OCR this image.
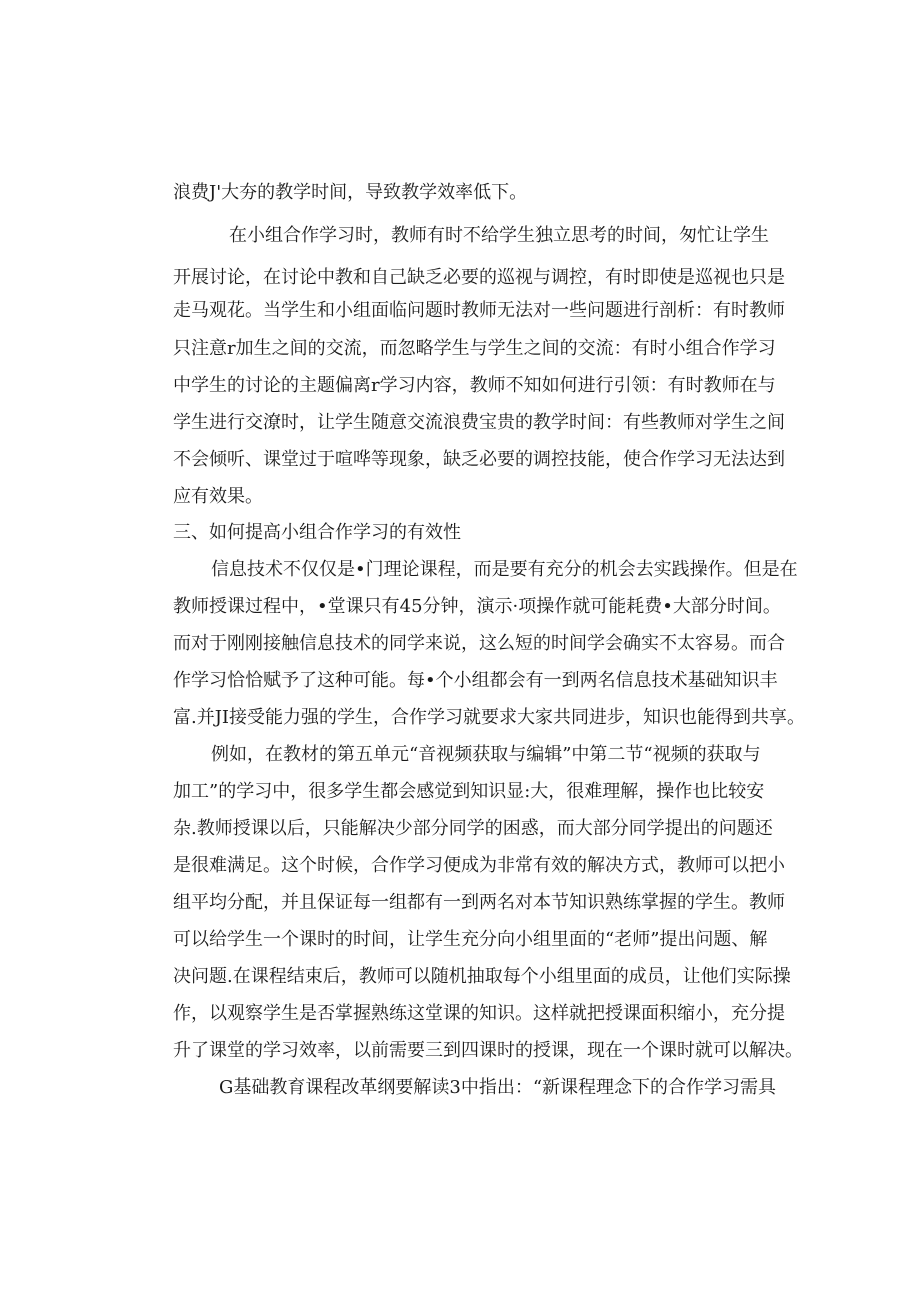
浪费J'大夯的教学时间，导致教学效率低下。
在小组合作学习时，教师有时不给学生独立思考的时间，匆忙让学生
开展讨论，在讨论中教和自己缺乏必要的巡视与调控，有时即使是巡视也只是
走马观花。当学生和小组面临问题时教师无法对一些问题进行剖析：有时教师
只注意r加生之间的交流，而忽略学生与学生之间的交流：有时小组合作学习
中学生的讨论的主题偏离r学习内容，教师不知如何进行引领：有时教师在与
学生进行交潦时，让学生随意交流浪费宝贵的教学时间：有些教师对学生之间
不会倾听、课堂过于喧哗等现象，缺乏必要的调控技能，使合作学习无法达到
应有效果。
三、如何提高小组合作学习的有效性
信息技术不仅仅是•门理论课程，而是要有充分的机会去实践操作。但是在
教师授课过程中，•堂课只有45分钟，演示·项操作就可能耗费•大部分时间。
而对于刚刚接触信息技术的同学来说，这么短的时间学会确实不太容易。而合
作学习恰恰赋予了这种可能。每•个小组都会有一到两名信息技术基础知识丰
富.并JI接受能力强的学生，合作学习就要求大家共同进步，知识也能得到共享。
例如，在教材的第五单元“音视频获取与编辑”中第二节“视频的获取与
加工”的学习中，很多学生都会感觉到知识显:大，很难理解，操作也比较安
杂.教师授课以后，只能解决少部分同学的困惑，而大部分同学提出的问题还
是很难满足。这个时候，合作学习便成为非常有效的解决方式，教师可以把小
组平均分配，并且保证每一组都有一到两名对本节知识熟练掌握的学生。教师
可以给学生一个课时的时间，让学生充分向小组里面的“老师”提出问题、解
决问题.在课程结束后，教师可以随机抽取每个小组里面的成员，让他们实际操
作，以观察学生是否掌握熟练这堂课的知识。这样就把授课面积缩小，充分提
升了课堂的学习效率，以前需要三到四课时的授课，现在一个课时就可以解决。
G基础教育课程改革纲要解读3中指出：“新课程理念下的合作学习需具
